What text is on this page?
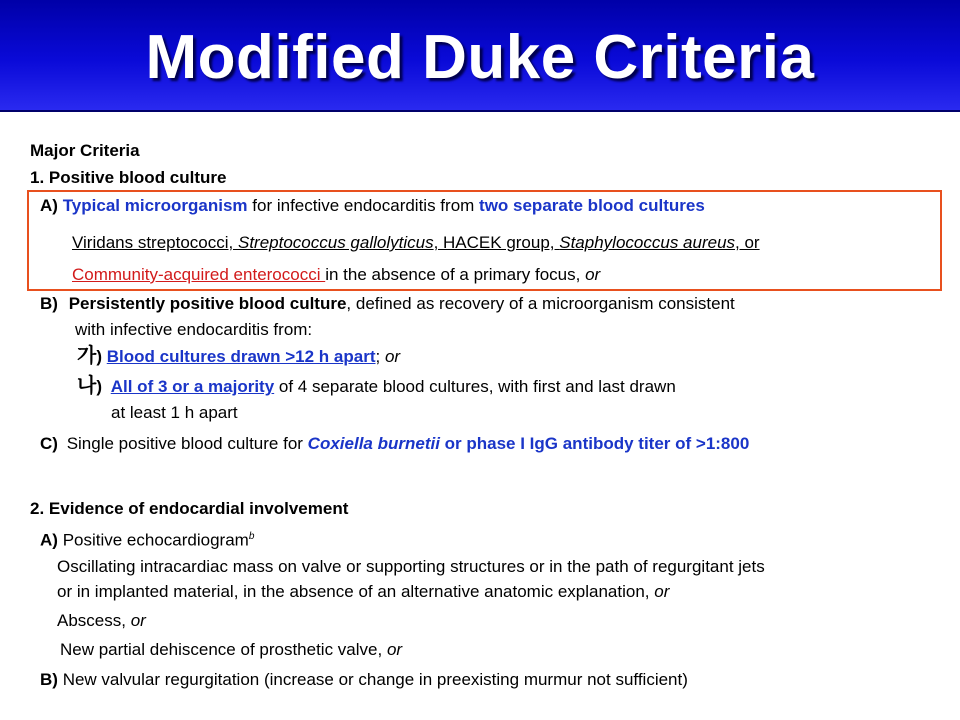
Modified Duke Criteria
Major Criteria
1. Positive blood culture
A) Typical microorganism for infective endocarditis from two separate blood cultures
Viridans streptococci, Streptococcus gallolyticus, HACEK group, Staphylococcus aureus, or
Community-acquired enterococci in the absence of a primary focus, or
B) Persistently positive blood culture, defined as recovery of a microorganism consistent
with infective endocarditis from:
가) Blood cultures drawn >12 h apart; or
나) All of 3 or a majority of 4 separate blood cultures, with first and last drawn
at least 1 h apart
C) Single positive blood culture for Coxiella burnetii or phase I IgG antibody titer of >1:800
2. Evidence of endocardial involvement
A) Positive echocardiogram$^b$
Oscillating intracardiac mass on valve or supporting structures or in the path of regurgitant jets
or in implanted material, in the absence of an alternative anatomic explanation, or
Abscess, or
New partial dehiscence of prosthetic valve, or
B) New valvular regurgitation (increase or change in preexisting murmur not sufficient)
